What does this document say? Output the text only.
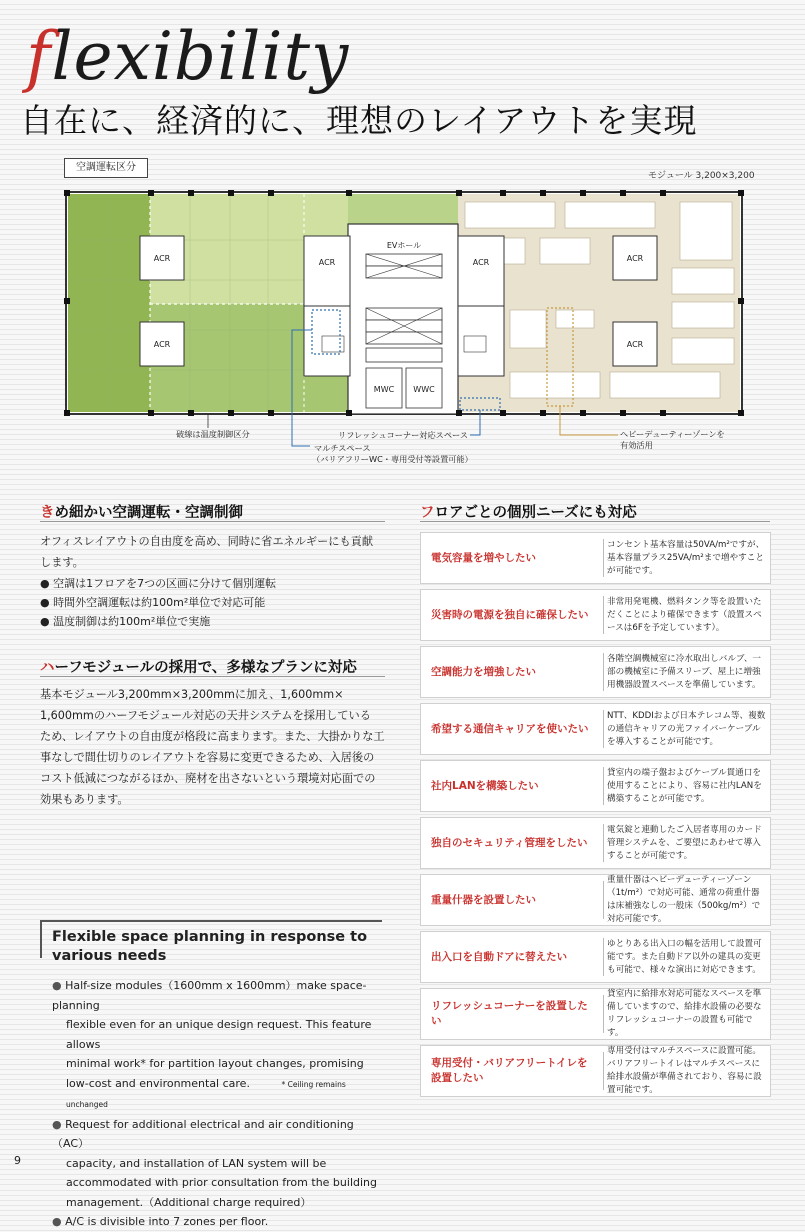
flexibility
自在に、経済的に、理想のレイアウトを実現
空調運転区分
モジュール 3,200×3,200
ACR
ACR
ACR	ACR	ACR
ACR
EVホール
MWC WWC
破線は温度制御区分	リフレッシュコーナー対応スペース
マルチスペース
（バリアフリーWC・専用受付等設置可能）
ヘビーデューティーゾーンを
有効活用
きめ細かい空調運転・空調制御
オフィスレイアウトの自由度を高め、同時に省エネルギーにも貢献
します。
● 空調は1フロアを7つの区画に分けて個別運転
● 時間外空調運転は約100m²単位で対応可能
● 温度制御は約100m²単位で実施
ハーフモジュールの採用で、多様なプランに対応
基本モジュール3,200mm×3,200mmに加え、1,600mm×
1,600mmのハーフモジュール対応の天井システムを採用している
ため、レイアウトの自由度が格段に高まります。また、大掛かりな工
事なしで間仕切りのレイアウトを容易に変更できるため、入居後の
コスト低減につながるほか、廃材を出さないという環境対応面での
効果もあります。
フロアごとの個別ニーズにも対応
電気容量を増やしたい
コンセント基本容量は50VA/m²ですが、基本容量プラス25VA/m²まで増やすことが可能です。
災害時の電源を独自に確保したい
非常用発電機、燃料タンク等を設置いただくことにより確保できます（設置スペースは6Fを予定しています）。
空調能力を増強したい
各階空調機械室に冷水取出しバルブ、一部の機械室に予備スリーブ、屋上に増強用機器設置スペースを準備しています。
希望する通信キャリアを使いたい
NTT、KDDIおよび日本テレコム等、複数の通信キャリアの光ファイバーケーブルを導入することが可能です。
社内LANを構築したい
貸室内の端子盤およびケーブル貫通口を使用することにより、容易に社内LANを構築することが可能です。
独自のセキュリティ管理をしたい
電気錠と連動したご入居者専用のカード管理システムを、ご要望にあわせて導入することが可能です。
重量什器を設置したい
重量什器はヘビーデューティーゾーン（1t/m²）で対応可能、通常の荷重什器は床補強なしの一般床（500kg/m²）で対応可能です。
出入口を自動ドアに替えたい
ゆとりある出入口の幅を活用して設置可能です。また自動ドア以外の建具の変更も可能で、様々な演出に対応できます。
リフレッシュコーナーを設置したい
貸室内に給排水対応可能なスペースを準備していますので、給排水設備の必要なリフレッシュコーナーの設置も可能です。
専用受付・バリアフリートイレを設置したい
専用受付はマルチスペースに設置可能。バリアフリートイレはマルチスペースに給排水設備が準備されており、容易に設置可能です。
Flexible space planning in response to
various needs
● Half-size modules（1600mm x 1600mm）make space-planning
flexible even for an unique design request. This feature allows
minimal work* for partition layout changes, promising
low-cost and environmental care.	* Ceiling remains unchanged
● Request for additional electrical and air conditioning（AC）
capacity, and installation of LAN system will be
accommodated with prior consultation from the building
management.（Additional charge required）
● A/C is divisible into 7 zones per floor.
9
